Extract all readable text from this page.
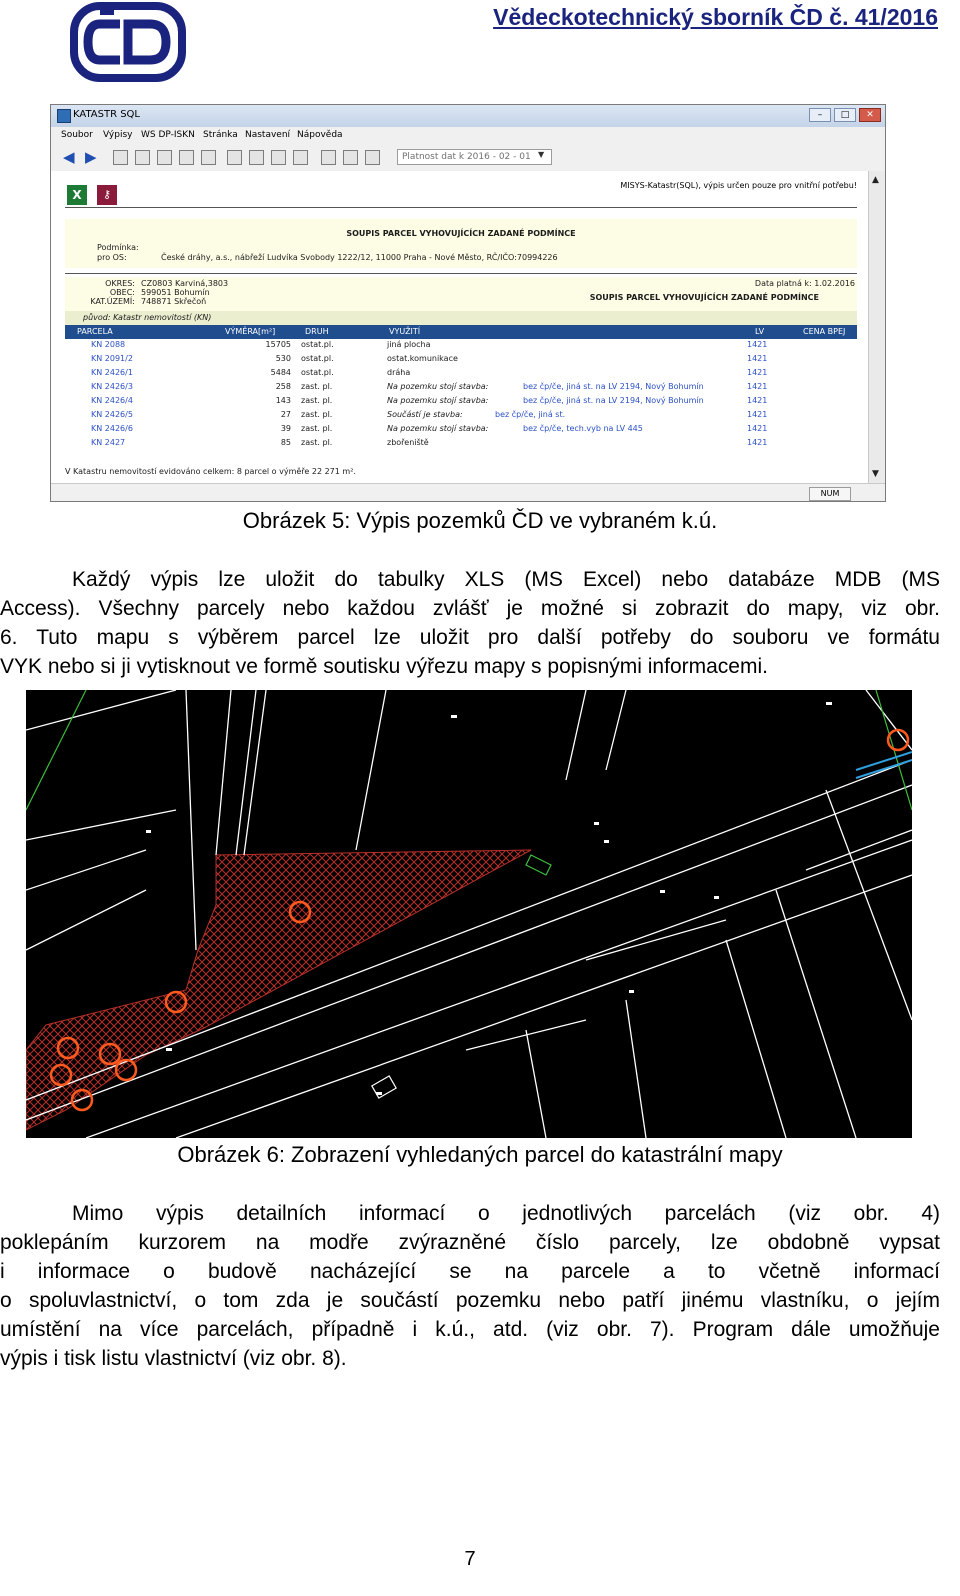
Vědeckotechnický sborník ČD č. 41/2016
KATASTR SQL	–	□	✕
Soubor Výpisy WS DP-ISKN Stránka Nastavení Nápověda
◀ ▶	Platnost dat k 2016 - 02 - 01 ▼
▲
▼
X	⚷
MISYS-Katastr(SQL), výpis určen pouze pro vnitřní potřebu!
SOUPIS PARCEL VYHOVUJÍCÍCH ZADANÉ PODMÍNCE
Podmínka:
pro OS:	České dráhy, a.s., nábřeží Ludvíka Svobody 1222/12, 11000 Praha - Nové Město, RČ/IČO:70994226
OKRES: CZ0803 Karviná,3803
OBEC: 599051 Bohumín
KAT.ÚZEMÍ: 748871 Skřečoň
Data platná k: 1.02.2016
SOUPIS PARCEL VYHOVUJÍCÍCH ZADANÉ PODMÍNCE
původ: Katastr nemovitostí (KN)
PARCELA	VÝMĚRA[m²]	DRUH	VYUŽITÍ	LV	CENA BPEJ
KN 2088	15705 ostat.pl.	jiná plocha	1421
KN 2091/2	530 ostat.pl.	ostat.komunikace	1421
KN 2426/1	5484 ostat.pl.	dráha	1421
KN 2426/3	258 zast. pl.	Na pozemku stojí stavba:	bez čp/če, jiná st. na LV 2194, Nový Bohumín	1421
KN 2426/4	143 zast. pl.	Na pozemku stojí stavba:	bez čp/če, jiná st. na LV 2194, Nový Bohumín	1421
KN 2426/5	27 zast. pl.	Součástí je stavba:	bez čp/če, jiná st.	1421
KN 2426/6	39 zast. pl.	Na pozemku stojí stavba:	bez čp/če, tech.vyb na LV 445	1421
KN 2427	85 zast. pl.	zbořeniště	1421
V Katastru nemovitostí evidováno celkem: 8 parcel o výměře 22 271 m².
NUM
Obrázek 5: Výpis pozemků ČD ve vybraném k.ú.
Každý výpis lze uložit do tabulky XLS (MS Excel) nebo databáze MDB (MS
Access). Všechny parcely nebo každou zvlášť je možné si zobrazit do mapy, viz obr.
6. Tuto mapu s výběrem parcel lze uložit pro další potřeby do souboru ve formátu
VYK nebo si ji vytisknout ve formě soutisku výřezu mapy s popisnými informacemi.
Obrázek 6: Zobrazení vyhledaných parcel do katastrální mapy
Mimo výpis detailních informací o jednotlivých parcelách (viz obr. 4)
poklepáním kurzorem na modře zvýrazněné číslo parcely, lze obdobně vypsat
i informace o budově nacházející se na parcele a to včetně informací
o spoluvlastnictví, o tom zda je součástí pozemku nebo patří jinému vlastníku, o jejím
umístění na více parcelách, případně i k.ú., atd. (viz obr. 7). Program dále umožňuje
výpis i tisk listu vlastnictví (viz obr. 8).
7
